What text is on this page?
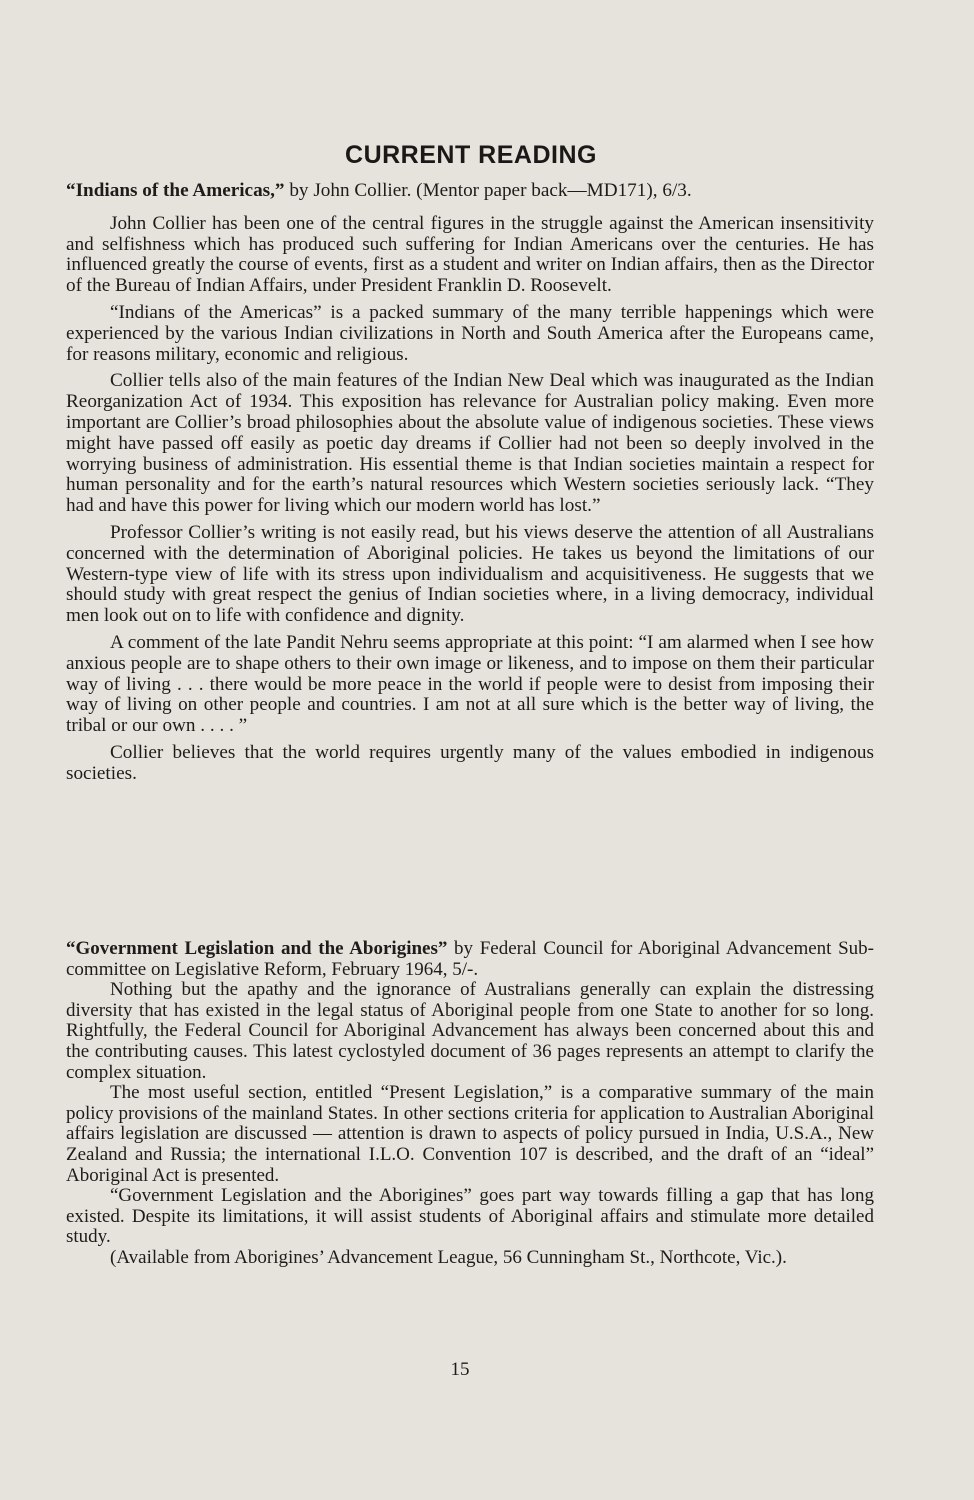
CURRENT READING

“Indians of the Americas,” by John Collier. (Mentor paper back—MD171), 6/3.

John Collier has been one of the central figures in the struggle against the American insensitivity and selfishness which has produced such suffering for Indian Americans over the centuries. He has influenced greatly the course of events, first as a student and writer on Indian affairs, then as the Director of the Bureau of Indian Affairs, under President Franklin D. Roosevelt.

“Indians of the Americas” is a packed summary of the many terrible happenings which were experienced by the various Indian civilizations in North and South America after the Europeans came, for reasons military, economic and religious.

Collier tells also of the main features of the Indian New Deal which was inaugurated as the Indian Reorganization Act of 1934. This exposition has relevance for Australian policy making. Even more important are Collier’s broad philosophies about the absolute value of indigenous societies. These views might have passed off easily as poetic day dreams if Collier had not been so deeply involved in the worrying business of administration. His essential theme is that Indian societies maintain a respect for human personality and for the earth’s natural resources which Western societies seriously lack. “They had and have this power for living which our modern world has lost.”

Professor Collier’s writing is not easily read, but his views deserve the attention of all Australians concerned with the determination of Aboriginal policies. He takes us beyond the limitations of our Western-type view of life with its stress upon individualism and acquisitiveness. He suggests that we should study with great respect the genius of Indian societies where, in a living democracy, individual men look out on to life with confidence and dignity.

A comment of the late Pandit Nehru seems appropriate at this point: “I am alarmed when I see how anxious people are to shape others to their own image or likeness, and to impose on them their particular way of living . . . there would be more peace in the world if people were to desist from imposing their way of living on other people and countries. I am not at all sure which is the better way of living, the tribal or our own . . . . ”

Collier believes that the world requires urgently many of the values embodied in indigenous societies.

“Government Legislation and the Aborigines” by Federal Council for Aboriginal Advancement Sub-committee on Legislative Reform, February 1964, 5/-.

Nothing but the apathy and the ignorance of Australians generally can explain the distressing diversity that has existed in the legal status of Aboriginal people from one State to another for so long. Rightfully, the Federal Council for Aboriginal Advancement has always been concerned about this and the contributing causes. This latest cyclostyled document of 36 pages represents an attempt to clarify the complex situation.

The most useful section, entitled “Present Legislation,” is a comparative summary of the main policy provisions of the mainland States. In other sections criteria for application to Australian Aboriginal affairs legislation are discussed — attention is drawn to aspects of policy pursued in India, U.S.A., New Zealand and Russia; the international I.L.O. Convention 107 is described, and the draft of an “ideal” Aboriginal Act is presented.

“Government Legislation and the Aborigines” goes part way towards filling a gap that has long existed. Despite its limitations, it will assist students of Aboriginal affairs and stimulate more detailed study.

(Available from Aborigines’ Advancement League, 56 Cunningham St., Northcote, Vic.).

15
